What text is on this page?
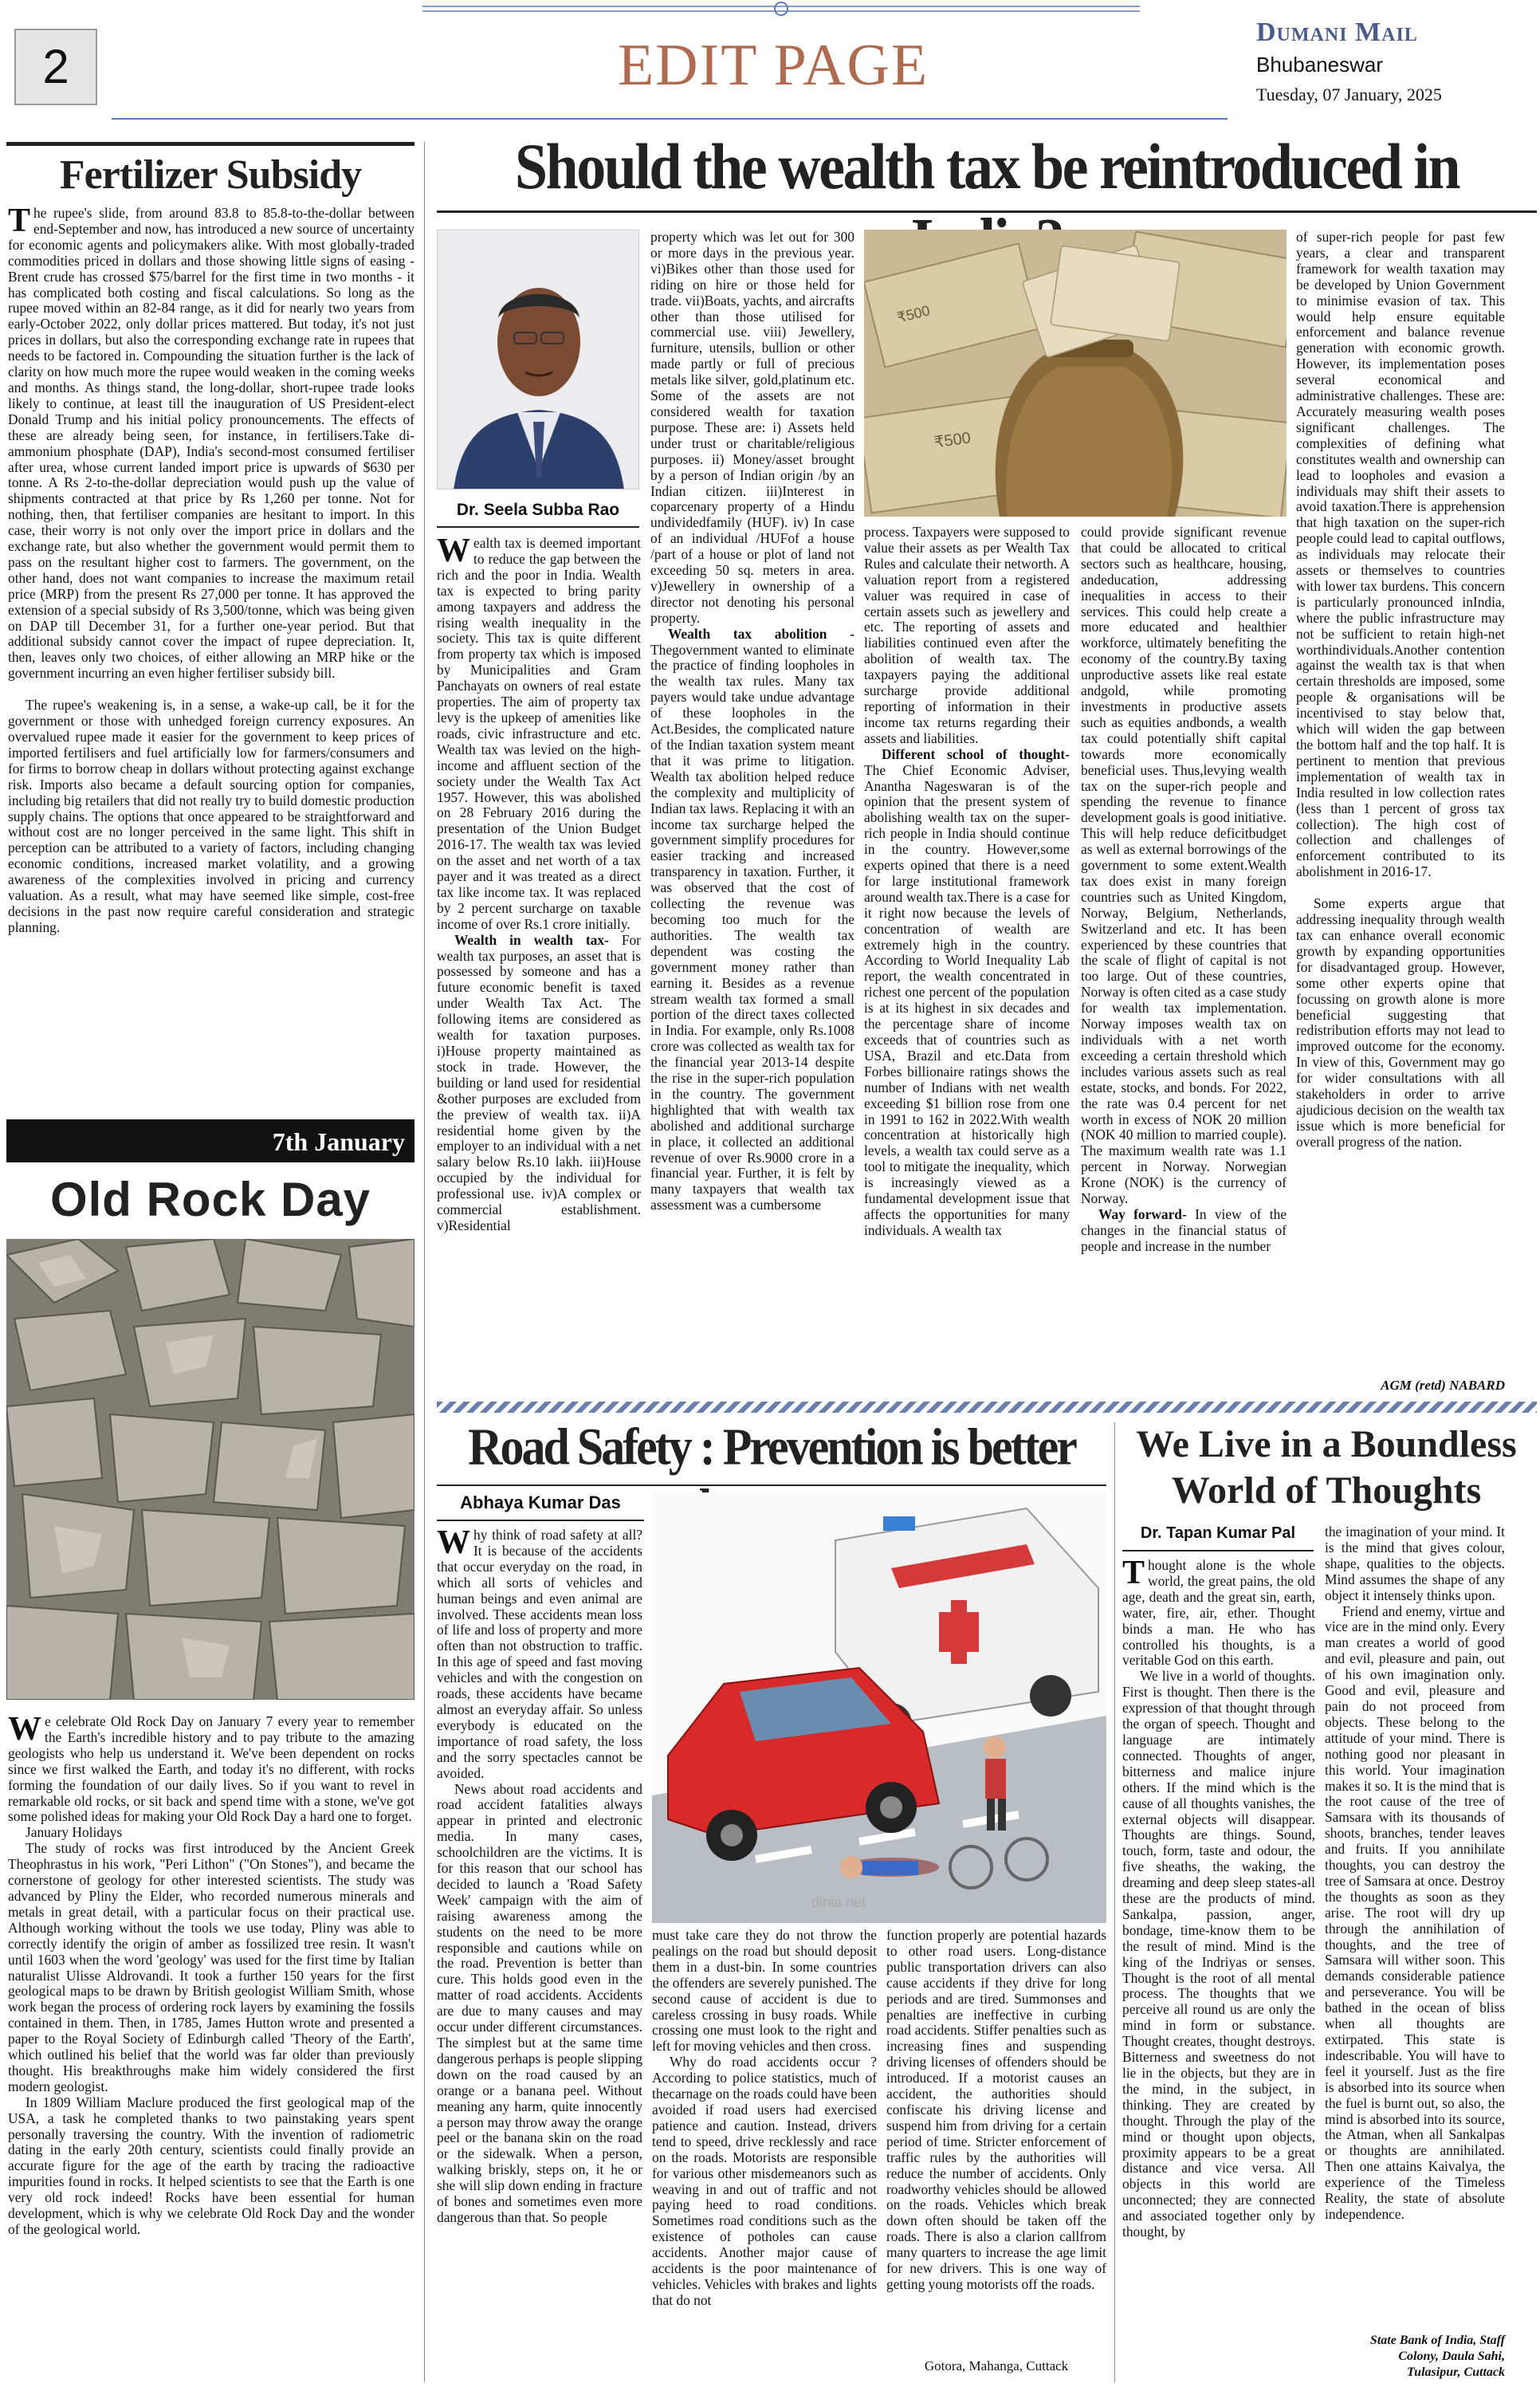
2	EDIT PAGE
Dumani Mail
Bhubaneswar
Tuesday, 07 January, 2025
Fertilizer Subsidy

The rupee's slide, from around 83.8 to 85.8-to-the-dollar between end-September and now, has introduced a new source of uncertainty for economic agents and policymakers alike. With most globally-traded commodities priced in dollars and those showing little signs of easing - Brent crude has crossed $75/barrel for the first time in two months - it has complicated both costing and fiscal calculations. So long as the rupee moved within an 82-84 range, as it did for nearly two years from early-October 2022, only dollar prices mattered. But today, it's not just prices in dollars, but also the corresponding exchange rate in rupees that needs to be factored in. Compounding the situation further is the lack of clarity on how much more the rupee would weaken in the coming weeks and months. As things stand, the long-dollar, short-rupee trade looks likely to continue, at least till the inauguration of US President-elect Donald Trump and his initial policy pronouncements. The effects of these are already being seen, for instance, in fertilisers.Take di-ammonium phosphate (DAP), India's second-most consumed fertiliser after urea, whose current landed import price is upwards of $630 per tonne. A Rs 2-to-the-dollar depreciation would push up the value of shipments contracted at that price by Rs 1,260 per tonne. Not for nothing, then, that fertiliser companies are hesitant to import. In this case, their worry is not only over the import price in dollars and the exchange rate, but also whether the government would permit them to pass on the resultant higher cost to farmers. The government, on the other hand, does not want companies to increase the maximum retail price (MRP) from the present Rs 27,000 per tonne. It has approved the extension of a special subsidy of Rs 3,500/tonne, which was being given on DAP till December 31, for a further one-year period. But that additional subsidy cannot cover the impact of rupee depreciation. It, then, leaves only two choices, of either allowing an MRP hike or the government incurring an even higher fertiliser subsidy bill.

The rupee's weakening is, in a sense, a wake-up call, be it for the government or those with unhedged foreign currency exposures. An overvalued rupee made it easier for the government to keep prices of imported fertilisers and fuel artificially low for farmers/consumers and for firms to borrow cheap in dollars without protecting against exchange risk. Imports also became a default sourcing option for companies, including big retailers that did not really try to build domestic production supply chains. The options that once appeared to be straightforward and without cost are no longer perceived in the same light. This shift in perception can be attributed to a variety of factors, including changing economic conditions, increased market volatility, and a growing awareness of the complexities involved in pricing and currency valuation. As a result, what may have seemed like simple, cost-free decisions in the past now require careful consideration and strategic planning.

7th January
Old Rock Day

We celebrate Old Rock Day on January 7 every year to remember the Earth's incredible history and to pay tribute to the amazing geologists who help us understand it. We've been dependent on rocks since we first walked the Earth, and today it's no different, with rocks forming the foundation of our daily lives. So if you want to revel in remarkable old rocks, or sit back and spend time with a stone, we've got some polished ideas for making your Old Rock Day a hard one to forget.

January Holidays

The study of rocks was first introduced by the Ancient Greek Theophrastus in his work, "Peri Lithon" ("On Stones"), and became the cornerstone of geology for other interested scientists. The study was advanced by Pliny the Elder, who recorded numerous minerals and metals in great detail, with a particular focus on their practical use. Although working without the tools we use today, Pliny was able to correctly identify the origin of amber as fossilized tree resin. It wasn't until 1603 when the word 'geology' was used for the first time by Italian naturalist Ulisse Aldrovandi. It took a further 150 years for the first geological maps to be drawn by British geologist William Smith, whose work began the process of ordering rock layers by examining the fossils contained in them. Then, in 1785, James Hutton wrote and presented a paper to the Royal Society of Edinburgh called 'Theory of the Earth', which outlined his belief that the world was far older than previously thought. His breakthroughs make him widely considered the first modern geologist.

In 1809 William Maclure produced the first geological map of the USA, a task he completed thanks to two painstaking years spent personally traversing the country. With the invention of radiometric dating in the early 20th century, scientists could finally provide an accurate figure for the age of the earth by tracing the radioactive impurities found in rocks. It helped scientists to see that the Earth is one very old rock indeed! Rocks have been essential for human development, which is why we celebrate Old Rock Day and the wonder of the geological world.

Should the wealth tax be reintroduced in
Dr. Seela Subba Rao

Wealth tax is deemed important to reduce the gap between the rich and the poor in India. Wealth tax is expected to bring parity among taxpayers and address the rising wealth inequality in the society. This tax is quite different from property tax which is imposed by Municipalities and Gram Panchayats on owners of real estate properties. The aim of property tax levy is the upkeep of amenities like roads, civic infrastructure and etc. Wealth tax was levied on the high-income and affluent section of the society under the Wealth Tax Act 1957. However, this was abolished on 28 February 2016 during the presentation of the Union Budget 2016-17. The wealth tax was levied on the asset and net worth of a tax payer and it was treated as a direct tax like income tax. It was replaced by 2 percent surcharge on taxable income of over Rs.1 crore initially.

Wealth in wealth tax- For wealth tax purposes, an asset that is possessed by someone and has a future economic benefit is taxed under Wealth Tax Act. The following items are considered as wealth for taxation purposes. i)House property maintained as stock in trade. However, the building or land used for residential &other purposes are excluded from the preview of wealth tax. ii)A residential home given by the employer to an individual with a net salary below Rs.10 lakh. iii)House occupied by the individual for professional use. iv)A complex or commercial establishment. v)Residential

property which was let out for 300 or more days in the previous year. vi)Bikes other than those used for riding on hire or those held for trade. vii)Boats, yachts, and aircrafts other than those utilised for commercial use. viii) Jewellery, furniture, utensils, bullion or other made partly or full of precious metals like silver, gold,platinum etc. Some of the assets are not considered wealth for taxation purpose. These are: i) Assets held under trust or charitable/religious purposes. ii) Money/asset brought by a person of Indian origin /by an Indian citizen. iii)Interest in coparcenary property of a Hindu undividedfamily (HUF). iv) In case of an individual /HUFof a house /part of a house or plot of land not exceeding 50 sq. meters in area. v)Jewellery in ownership of a director not denoting his personal property.

Wealth tax abolition - Thegovernment wanted to eliminate the practice of finding loopholes in the wealth tax rules. Many tax payers would take undue advantage of these loopholes in the Act.Besides, the complicated nature of the Indian taxation system meant that it was prime to litigation. Wealth tax abolition helped reduce the complexity and multiplicity of Indian tax laws. Replacing it with an income tax surcharge helped the government simplify procedures for easier tracking and increased transparency in taxation. Further, it was observed that the cost of collecting the revenue was becoming too much for the authorities. The wealth tax dependent was costing the government money rather than earning it. Besides as a revenue stream wealth tax formed a small portion of the direct taxes collected in India. For example, only Rs.1008 crore was collected as wealth tax for the financial year 2013-14 despite the rise in the super-rich population in the country. The government highlighted that with wealth tax abolished and additional surcharge in place, it collected an additional revenue of over Rs.9000 crore in a financial year. Further, it is felt by many taxpayers that wealth tax assessment was a cumbersome

₹500
₹500

process. Taxpayers were supposed to value their assets as per Wealth Tax Rules and calculate their networth. A valuation report from a registered valuer was required in case of certain assets such as jewellery and etc. The reporting of assets and liabilities continued even after the abolition of wealth tax. The taxpayers paying the additional surcharge provide additional reporting of information in their income tax returns regarding their assets and liabilities.

Different school of thought- The Chief Economic Adviser, Anantha Nageswaran is of the opinion that the present system of abolishing wealth tax on the super-rich people in India should continue in the country. However,some experts opined that there is a need for large institutional framework around wealth tax.There is a case for it right now because the levels of concentration of wealth are extremely high in the country. According to World Inequality Lab report, the wealth concentrated in richest one percent of the population is at its highest in six decades and the percentage share of income exceeds that of countries such as USA, Brazil and etc.Data from Forbes billionaire ratings shows the number of Indians with net wealth exceeding $1 billion rose from one in 1991 to 162 in 2022.With wealth concentration at historically high levels, a wealth tax could serve as a tool to mitigate the inequality, which is increasingly viewed as a fundamental development issue that affects the opportunities for many individuals. A wealth tax

could provide significant revenue that could be allocated to critical sectors such as healthcare, housing, andeducation, addressing inequalities in access to their services. This could help create a more educated and healthier workforce, ultimately benefiting the economy of the country.By taxing unproductive assets like real estate andgold, while promoting investments in productive assets such as equities andbonds, a wealth tax could potentially shift capital towards more economically beneficial uses. Thus,levying wealth tax on the super-rich people and spending the revenue to finance development goals is good initiative. This will help reduce deficitbudget as well as external borrowings of the government to some extent.Wealth tax does exist in many foreign countries such as United Kingdom, Norway, Belgium, Netherlands, Switzerland and etc. It has been experienced by these countries that the scale of flight of capital is not too large. Out of these countries, Norway is often cited as a case study for wealth tax implementation. Norway imposes wealth tax on individuals with a net worth exceeding a certain threshold which includes various assets such as real estate, stocks, and bonds. For 2022, the rate was 0.4 percent for net worth in excess of NOK 20 million (NOK 40 million to married couple). The maximum wealth rate was 1.1 percent in Norway. Norwegian Krone (NOK) is the currency of Norway.

Way forward- In view of the changes in the financial status of people and increase in the number

of super-rich people for past few years, a clear and transparent framework for wealth taxation may be developed by Union Government to minimise evasion of tax. This would help ensure equitable enforcement and balance revenue generation with economic growth. However, its implementation poses several economical and administrative challenges. These are: Accurately measuring wealth poses significant challenges. The complexities of defining what constitutes wealth and ownership can lead to loopholes and evasion a individuals may shift their assets to avoid taxation.There is apprehension that high taxation on the super-rich people could lead to capital outflows, as individuals may relocate their assets or themselves to countries with lower tax burdens. This concern is particularly pronounced inIndia, where the public infrastructure may not be sufficient to retain high-net worthindividuals.Another contention against the wealth tax is that when certain thresholds are imposed, some people & organisations will be incentivised to stay below that, which will widen the gap between the bottom half and the top half. It is pertinent to mention that previous implementation of wealth tax in India resulted in low collection rates (less than 1 percent of gross tax collection). The high cost of collection and challenges of enforcement contributed to its abolishment in 2016-17.

Some experts argue that addressing inequality through wealth tax can enhance overall economic growth by expanding opportunities for disadvantaged group. However, some other experts opine that focussing on growth alone is more beneficial suggesting that redistribution efforts may not lead to improved outcome for the economy. In view of this, Government may go for wider consultations with all stakeholders in order to arrive ajudicious decision on the wealth tax issue which is more beneficial for overall progress of the nation.

AGM (retd) NABARD
Road Safety : Prevention is better
Abhaya Kumar Das

Why think of road safety at all? It is because of the accidents that occur everyday on the road, in which all sorts of vehicles and human beings and even animal are involved. These accidents mean loss of life and loss of property and more often than not obstruction to traffic. In this age of speed and fast moving vehicles and with the congestion on roads, these accidents have became almost an everyday affair. So unless everybody is educated on the importance of road safety, the loss and the sorry spectacles cannot be avoided.

News about road accidents and road accident fatalities always appear in printed and electronic media. In many cases, schoolchildren are the victims. It is for this reason that our school has decided to launch a 'Road Safety Week' campaign with the aim of raising awareness among the students on the need to be more responsible and cautions while on the road. Prevention is better than cure. This holds good even in the matter of road accidents. Accidents are due to many causes and may occur under different circumstances. The simplest but at the same time dangerous perhaps is people slipping down on the road caused by an orange or a banana peel. Without meaning any harm, quite innocently a person may throw away the orange peel or the banana skin on the road or the sidewalk. When a person, walking briskly, steps on, it he or she will slip down ending in fracture of bones and sometimes even more dangerous than that. So people

dinia.net

must take care they do not throw the pealings on the road but should deposit them in a dust-bin. In some countries the offenders are severely punished. The second cause of accident is due to careless crossing in busy roads. While crossing one must look to the right and left for moving vehicles and then cross.

Why do road accidents occur ? According to police statistics, much of thecarnage on the roads could have been avoided if road users had exercised patience and caution. Instead, drivers tend to speed, drive recklessly and race on the roads. Motorists are responsible for various other misdemeanors such as weaving in and out of traffic and not paying heed to road conditions. Sometimes road conditions such as the existence of potholes can cause accidents. Another major cause of accidents is the poor maintenance of vehicles. Vehicles with brakes and lights that do not

function properly are potential hazards to other road users. Long-distance public transportation drivers can also cause accidents if they drive for long periods and are tired. Summonses and penalties are ineffective in curbing road accidents. Stiffer penalties such as increasing fines and suspending driving licenses of offenders should be introduced. If a motorist causes an accident, the authorities should confiscate his driving license and suspend him from driving for a certain period of time. Stricter enforcement of traffic rules by the authorities will reduce the number of accidents. Only roadworthy vehicles should be allowed on the roads. Vehicles which break down often should be taken off the roads. There is also a clarion callfrom many quarters to increase the age limit for new drivers. This is one way of getting young motorists off the roads.

Gotora, Mahanga, Cuttack
We Live in a Boundless
World of Thoughts
Dr. Tapan Kumar Pal

Thought alone is the whole world, the great pains, the old age, death and the great sin, earth, water, fire, air, ether. Thought binds a man. He who has controlled his thoughts, is a veritable God on this earth.

We live in a world of thoughts. First is thought. Then there is the expression of that thought through the organ of speech. Thought and language are intimately connected. Thoughts of anger, bitterness and malice injure others. If the mind which is the cause of all thoughts vanishes, the external objects will disappear. Thoughts are things. Sound, touch, form, taste and odour, the five sheaths, the waking, the dreaming and deep sleep states-all these are the products of mind. Sankalpa, passion, anger, bondage, time-know them to be the result of mind. Mind is the king of the Indriyas or senses. Thought is the root of all mental process. The thoughts that we perceive all round us are only the mind in form or substance. Thought creates, thought destroys. Bitterness and sweetness do not lie in the objects, but they are in the mind, in the subject, in thinking. They are created by thought. Through the play of the mind or thought upon objects, proximity appears to be a great distance and vice versa. All objects in this world are unconnected; they are connected and associated together only by thought, by

the imagination of your mind. It is the mind that gives colour, shape, qualities to the objects. Mind assumes the shape of any object it intensely thinks upon.

Friend and enemy, virtue and vice are in the mind only. Every man creates a world of good and evil, pleasure and pain, out of his own imagination only. Good and evil, pleasure and pain do not proceed from objects. These belong to the attitude of your mind. There is nothing good nor pleasant in this world. Your imagination makes it so. It is the mind that is the root cause of the tree of Samsara with its thousands of shoots, branches, tender leaves and fruits. If you annihilate thoughts, you can destroy the tree of Samsara at once. Destroy the thoughts as soon as they arise. The root will dry up through the annihilation of thoughts, and the tree of Samsara will wither soon. This demands considerable patience and perseverance. You will be bathed in the ocean of bliss when all thoughts are extirpated. This state is indescribable. You will have to feel it yourself. Just as the fire is absorbed into its source when the fuel is burnt out, so also, the mind is absorbed into its source, the Atman, when all Sankalpas or thoughts are annihilated. Then one attains Kaivalya, the experience of the Timeless Reality, the state of absolute independence.

State Bank of India, Staff
Colony, Daula Sahi,
Tulasipur, Cuttack
